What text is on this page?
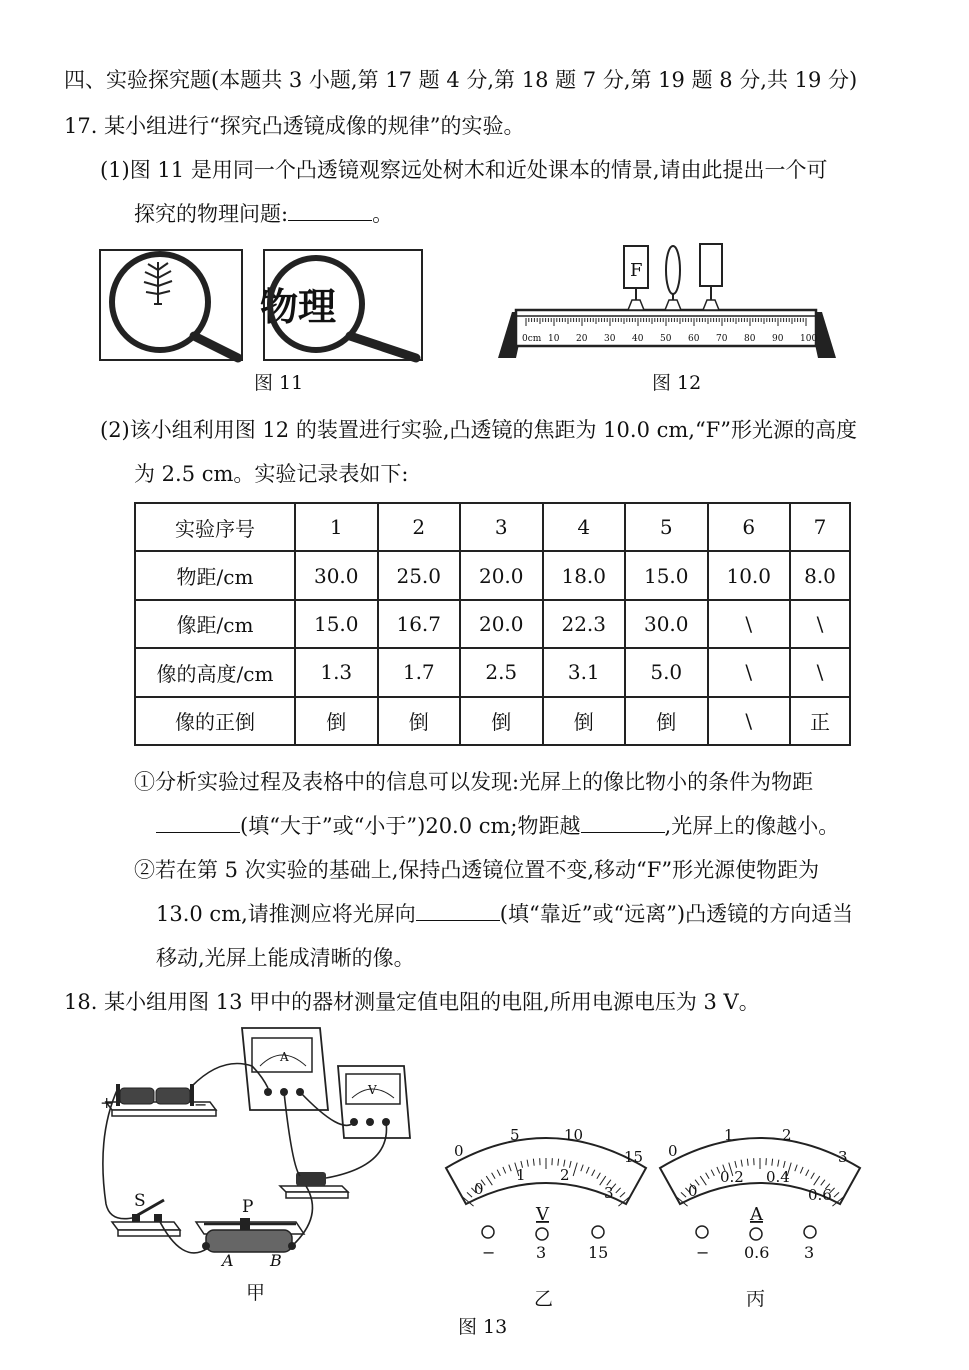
四、实验探究题(本题共 3 小题,第 17 题 4 分,第 18 题 7 分,第 19 题 8 分,共 19 分)
17. 某小组进行“探究凸透镜成像的规律”的实验。
(1)图 11 是用同一个凸透镜观察远处树木和近处课本的情景,请由此提出一个可
探究的物理问题:	。
物理
图 11
0cm 10 20 30 40 50 60 70 80 90 100
F
图 12
(2)该小组利用图 12 的装置进行实验,凸透镜的焦距为 10.0 cm,“F”形光源的高度
为 2.5 cm。实验记录表如下:
实验序号	1	2	3	4	5	6	7
物距/cm	30.0	25.0	20.0	18.0	15.0	10.0	8.0
像距/cm	15.0	16.7	20.0	22.3	30.0	\	\
像的高度/cm	1.3	1.7	2.5	3.1	5.0	\	\
像的正倒	倒	倒	倒	倒	倒	\	正
①分析实验过程及表格中的信息可以发现:光屏上的像比物小的条件为物距
(填“大于”或“小于”)20.0 cm;物距越	,光屏上的像越小。
②若在第 5 次实验的基础上,保持凸透镜位置不变,移动“F”形光源使物距为
13.0 cm,请推测应将光屏向	(填“靠近”或“远离”)凸透镜的方向适当
移动,光屏上能成清晰的像。
18. 某小组用图 13 甲中的器材测量定值电阻的电阻,所用电源电压为 3 V。
+	−
A
V
S	P
A B
甲
0
5	10
15
0
1 2
3
V
−	3	15
乙
0
1	2
3
0
0.2 0.4
0.6
A
− 0.6 3
丙
图 13
